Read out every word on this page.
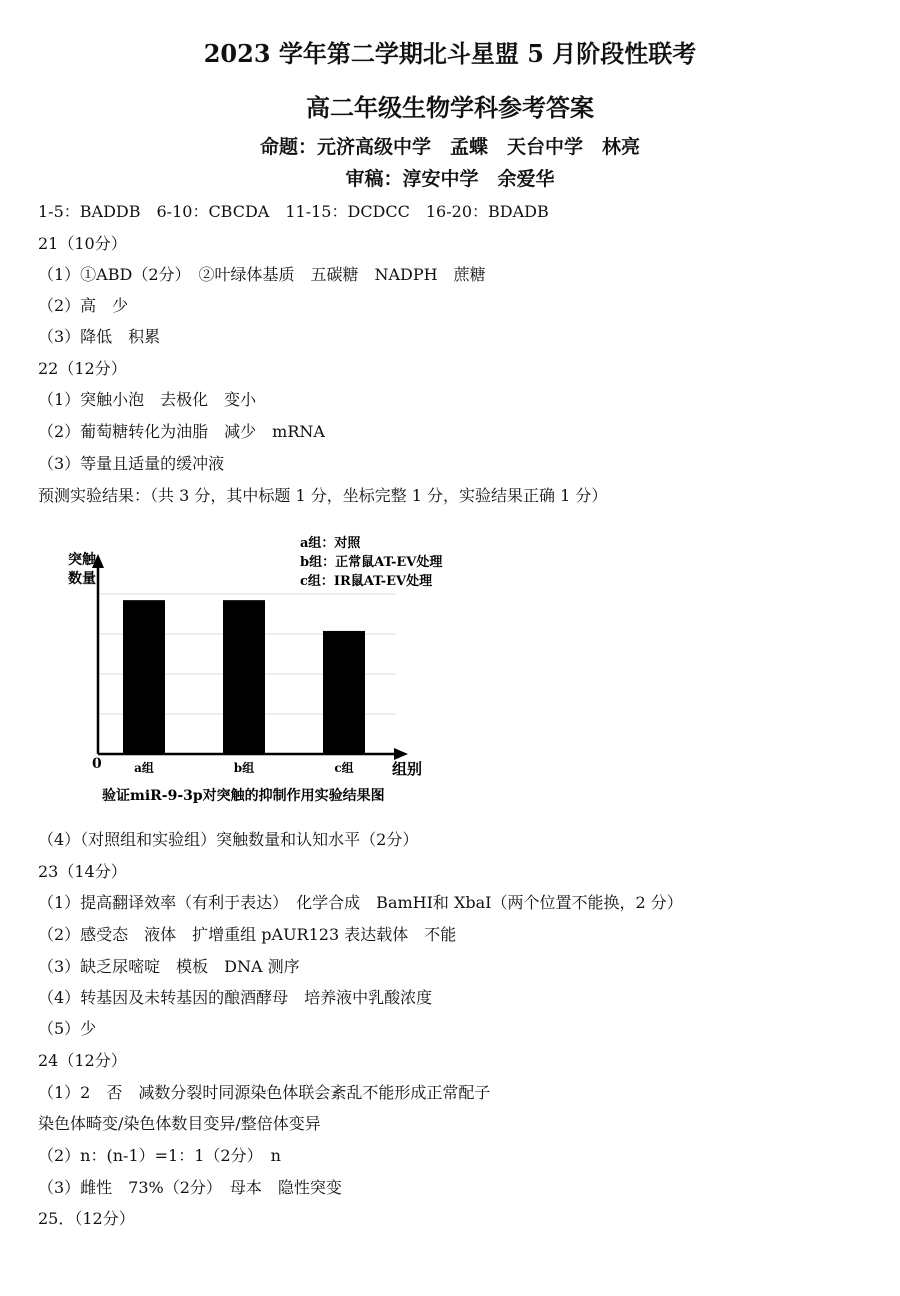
2023 学年第二学期北斗星盟 5 月阶段性联考
高二年级生物学科参考答案
命题：元济高级中学　孟蝶　天台中学　林亮
审稿：淳安中学　余爱华
1-5：BADDB　6-10：CBCDA　11-15：DCDCC　16-20：BDADB
21（10分）
（1）①ABD（2分）　②叶绿体基质　五碳糖　NADPH　蔗糖
（2）高　少
（3）降低　积累
22（12分）
（1）突触小泡　去极化　变小
（2）葡萄糖转化为油脂　减少　mRNA
（3）等量且适量的缓冲液
预测实验结果：（共 3 分，其中标题 1 分，坐标完整 1 分，实验结果正确 1 分）
突触
数量
0	组别
a组	b组	c组
a组：对照
b组：正常鼠AT-EV处理
c组：IR鼠AT-EV处理
验证miR-9-3p对突触的抑制作用实验结果图
（4）（对照组和实验组）突触数量和认知水平（2分）
23（14分）
（1）提高翻译效率（有利于表达）　化学合成　BamHI和 XbaI（两个位置不能换，2 分）
（2）感受态　液体　扩增重组 pAUR123 表达载体　不能
（3）缺乏尿嘧啶　模板　DNA 测序
（4）转基因及未转基因的酿酒酵母　培养液中乳酸浓度
（5）少
24（12分）
（1）2　否　减数分裂时同源染色体联会紊乱不能形成正常配子
染色体畸变/染色体数目变异/整倍体变异
（2）n：(n-1）=1：1（2分）　n
（3）雌性　73%（2分）　母本　隐性突变
25．（12分）
